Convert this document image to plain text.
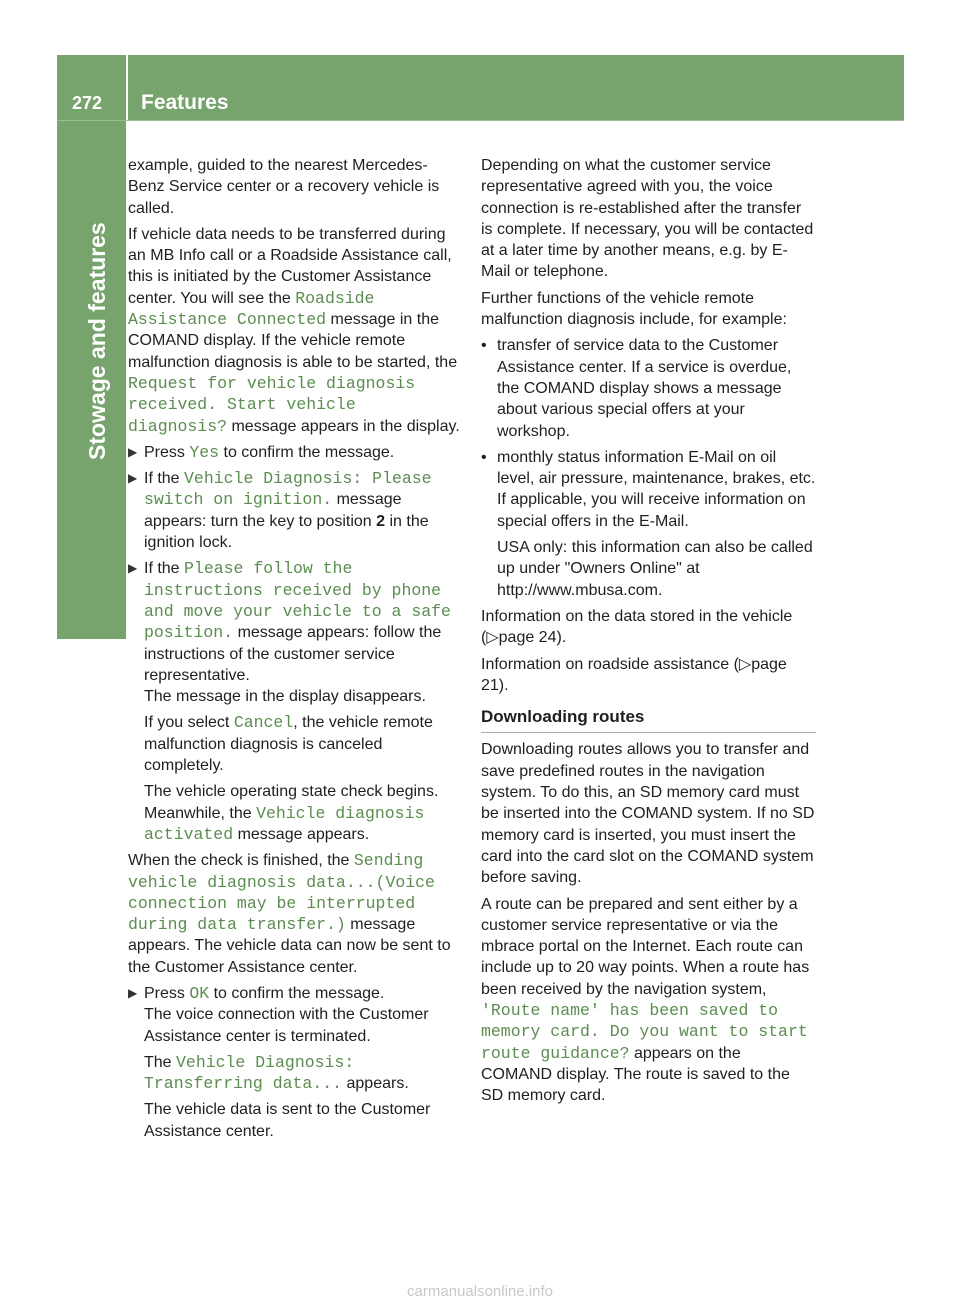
272 Features
Stowage and features

example, guided to the nearest Mercedes-Benz Service center or a recovery vehicle is called.

If vehicle data needs to be transferred during an MB Info call or a Roadside Assistance call, this is initiated by the Customer Assistance center. You will see the Roadside Assistance Connected message in the COMAND display. If the vehicle remote malfunction diagnosis is able to be started, the Request for vehicle diagnosis received. Start vehicle diagnosis? message appears in the display.

▶ Press Yes to confirm the message.

▶ If the Vehicle Diagnosis: Please switch on ignition. message appears: turn the key to position 2 in the ignition lock.

▶ If the Please follow the instructions received by phone and move your vehicle to a safe position. message appears: follow the instructions of the customer service representative.

The message in the display disappears.

If you select Cancel, the vehicle remote malfunction diagnosis is canceled completely.

The vehicle operating state check begins. Meanwhile, the Vehicle diagnosis activated message appears.

When the check is finished, the Sending vehicle diagnosis data...(Voice connection may be interrupted during data transfer.) message appears. The vehicle data can now be sent to the Customer Assistance center.

▶ Press OK to confirm the message.

The voice connection with the Customer Assistance center is terminated.

The Vehicle Diagnosis: Transferring data... appears.

The vehicle data is sent to the Customer Assistance center.

Depending on what the customer service representative agreed with you, the voice connection is re-established after the transfer is complete. If necessary, you will be contacted at a later time by another means, e.g. by E-Mail or telephone.

Further functions of the vehicle remote malfunction diagnosis include, for example:

• transfer of service data to the Customer Assistance center. If a service is overdue, the COMAND display shows a message about various special offers at your workshop.

• monthly status information E-Mail on oil level, air pressure, maintenance, brakes, etc. If applicable, you will receive information on special offers in the E-Mail.

USA only: this information can also be called up under "Owners Online" at http://www.mbusa.com.

Information on the data stored in the vehicle (▷page 24).

Information on roadside assistance (▷page 21).

Downloading routes

Downloading routes allows you to transfer and save predefined routes in the navigation system. To do this, an SD memory card must be inserted into the COMAND system. If no SD memory card is inserted, you must insert the card into the card slot on the COMAND system before saving.

A route can be prepared and sent either by a customer service representative or via the mbrace portal on the Internet. Each route can include up to 20 way points. When a route has been received by the navigation system, 'Route name' has been saved to memory card. Do you want to start route guidance? appears on the COMAND display. The route is saved to the SD memory card.

carmanualsonline.info
